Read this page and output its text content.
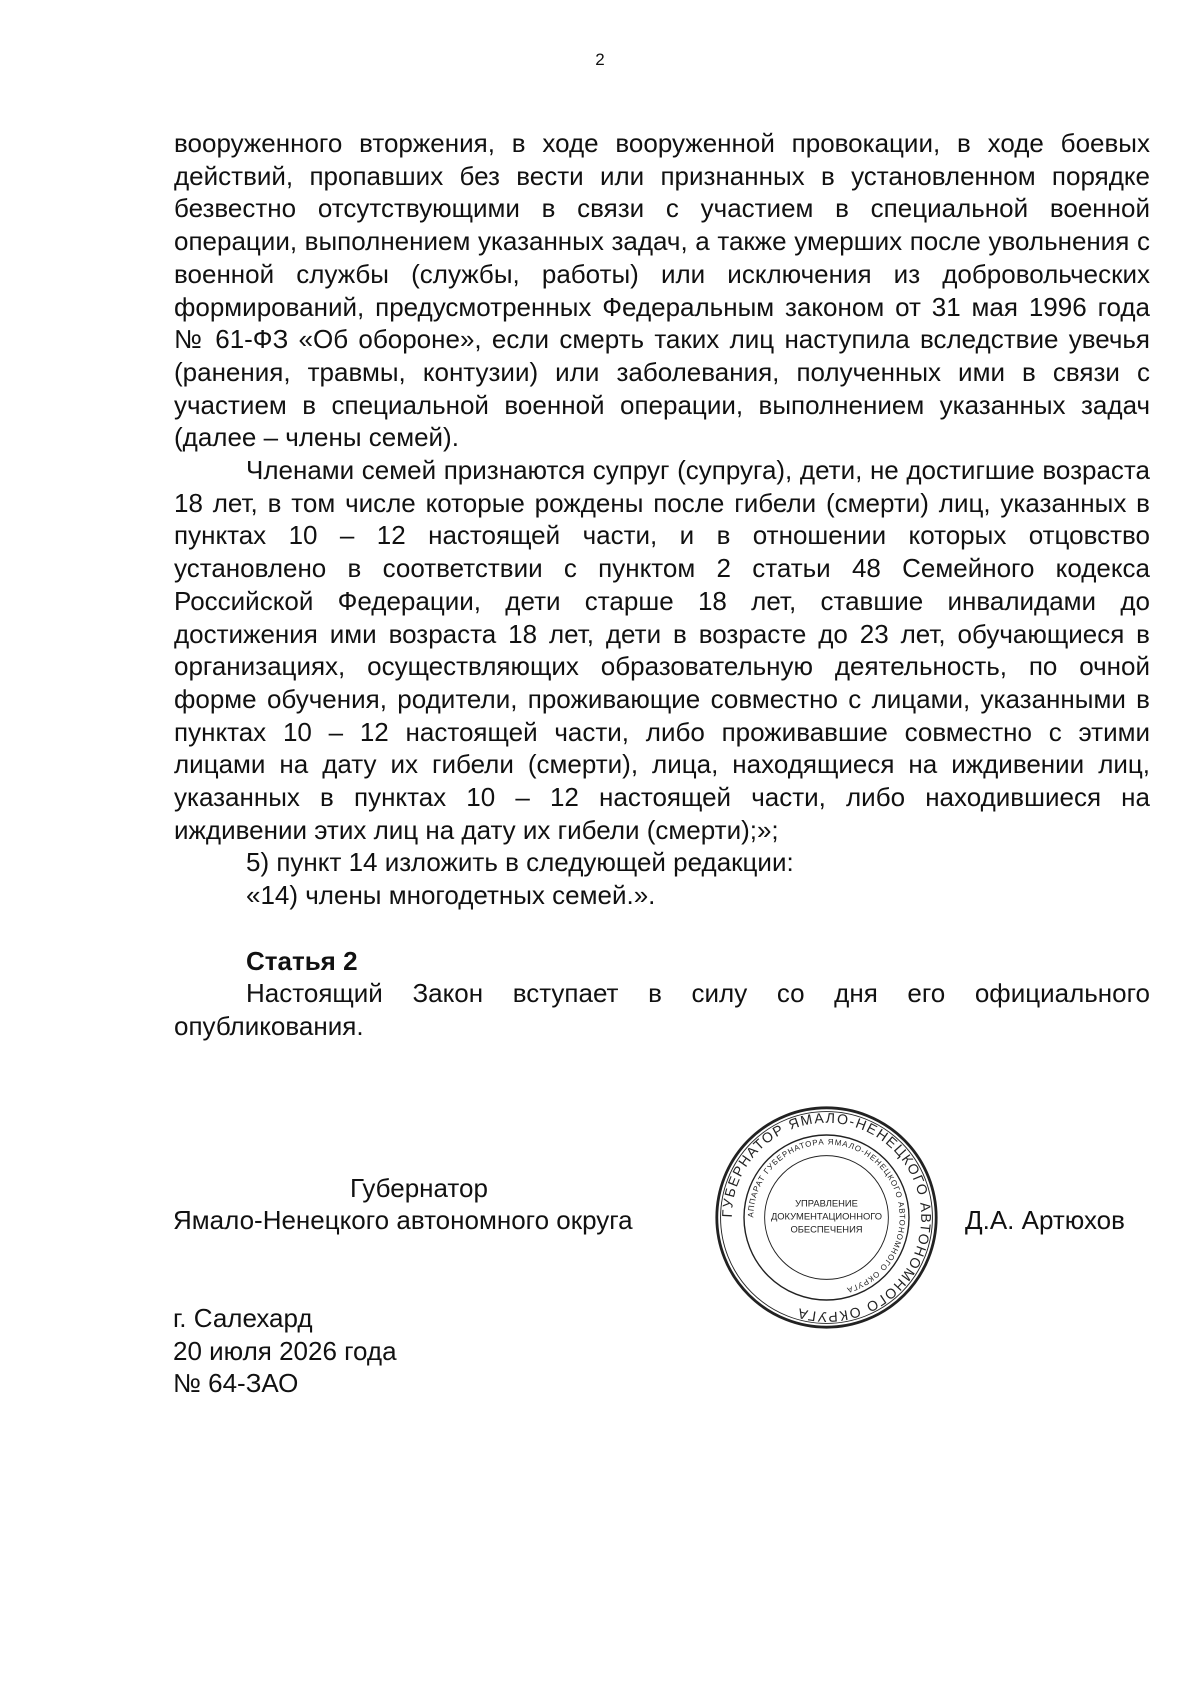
2

вооруженного вторжения, в ходе вооруженной провокации, в ходе боевых действий, пропавших без вести или признанных в установленном порядке безвестно отсутствующими в связи с участием в специальной военной операции, выполнением указанных задач, а также умерших после увольнения с военной службы (службы, работы) или исключения из добровольческих формирований, предусмотренных Федеральным законом от 31 мая 1996 года № 61-ФЗ «Об обороне», если смерть таких лиц наступила вследствие увечья (ранения, травмы, контузии) или заболевания, полученных ими в связи с участием в специальной военной операции, выполнением указанных задач (далее – члены семей).

Членами семей признаются супруг (супруга), дети, не достигшие возраста 18 лет, в том числе которые рождены после гибели (смерти) лиц, указанных в пунктах 10 – 12 настоящей части, и в отношении которых отцовство установлено в соответствии с пунктом 2 статьи 48 Семейного кодекса Российской Федерации, дети старше 18 лет, ставшие инвалидами до достижения ими возраста 18 лет, дети в возрасте до 23 лет, обучающиеся в организациях, осуществляющих образовательную деятельность, по очной форме обучения, родители, проживающие совместно с лицами, указанными в пунктах 10 – 12 настоящей части, либо проживавшие совместно с этими лицами на дату их гибели (смерти), лица, находящиеся на иждивении лиц, указанных в пунктах 10 – 12 настоящей части, либо находившиеся на иждивении этих лиц на дату их гибели (смерти);»;

5) пункт 14 изложить в следующей редакции:

«14) члены многодетных семей.».

Статья 2

Настоящий Закон вступает в силу со дня его официального опубликования.

Губернатор
Ямало-Ненецкого автономного округа	Д.А. Артюхов
ГУБЕРНАТОР ЯМАЛО-НЕНЕЦКОГО АВТОНОМНОГО ОКРУГА
АППАРАТ ГУБЕРНАТОРА ЯМАЛО-НЕНЕЦКОГО АВТОНОМНОГО ОКРУГА
УПРАВЛЕНИЕ
ДОКУМЕНТАЦИОННОГО
ОБЕСПЕЧЕНИЯ
г. Салехард
20 июля 2026 года
№ 64-ЗАО
